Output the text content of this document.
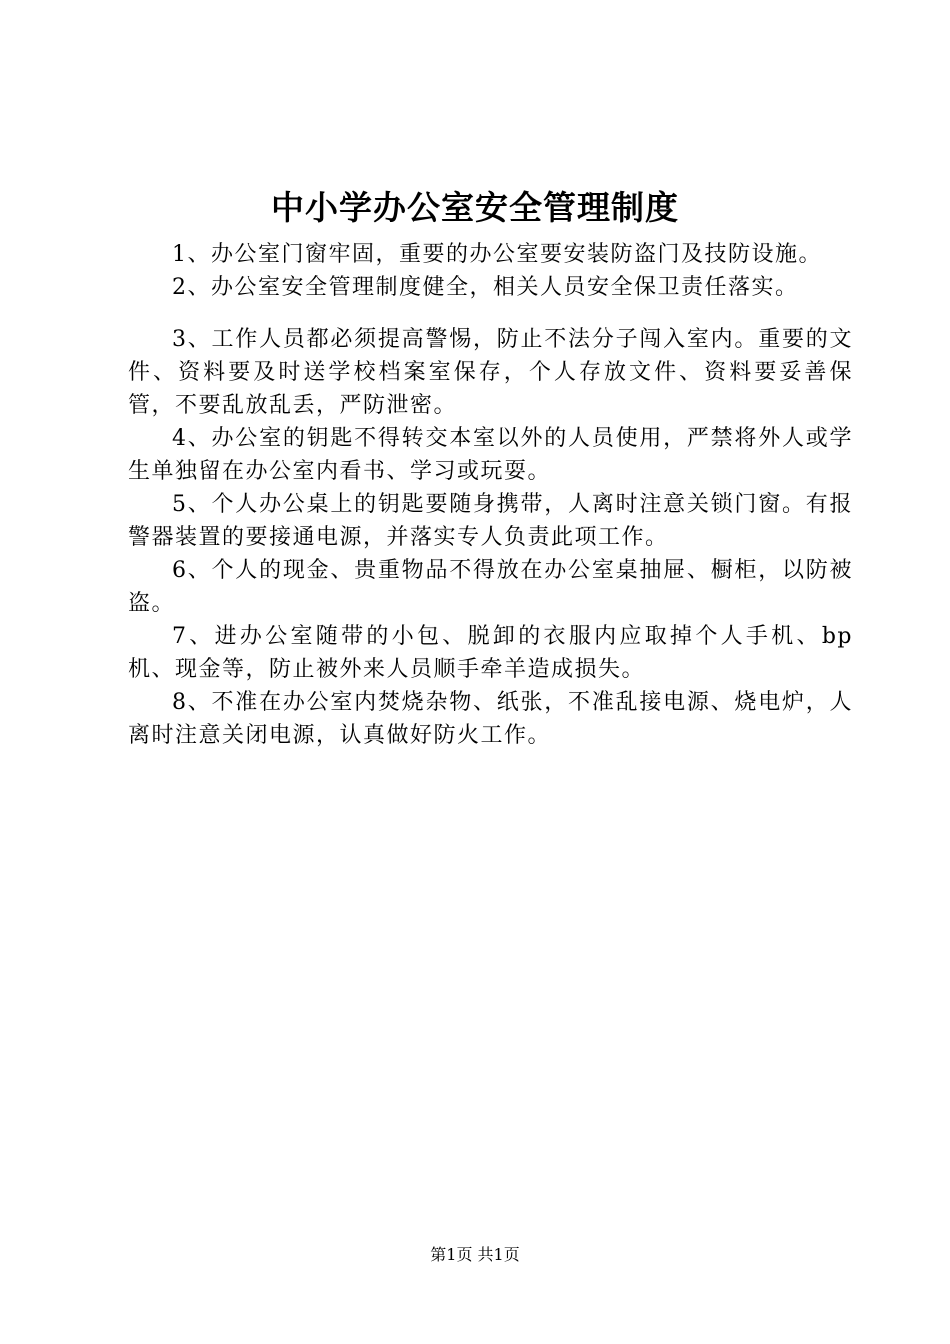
中小学办公室安全管理制度

1、办公室门窗牢固，重要的办公室要安装防盗门及技防设施。

2、办公室安全管理制度健全，相关人员安全保卫责任落实。

3、工作人员都必须提高警惕，防止不法分子闯入室内。重要的文件、资料要及时送学校档案室保存，个人存放文件、资料要妥善保管，不要乱放乱丢，严防泄密。

4、办公室的钥匙不得转交本室以外的人员使用，严禁将外人或学生单独留在办公室内看书、学习或玩耍。

5、个人办公桌上的钥匙要随身携带，人离时注意关锁门窗。有报警器装置的要接通电源，并落实专人负责此项工作。

6、个人的现金、贵重物品不得放在办公室桌抽屉、橱柜，以防被盗。

7、进办公室随带的小包、脱卸的衣服内应取掉个人手机、bp机、现金等，防止被外来人员顺手牵羊造成损失。

8、不准在办公室内焚烧杂物、纸张，不准乱接电源、烧电炉，人离时注意关闭电源，认真做好防火工作。

第1页 共1页
